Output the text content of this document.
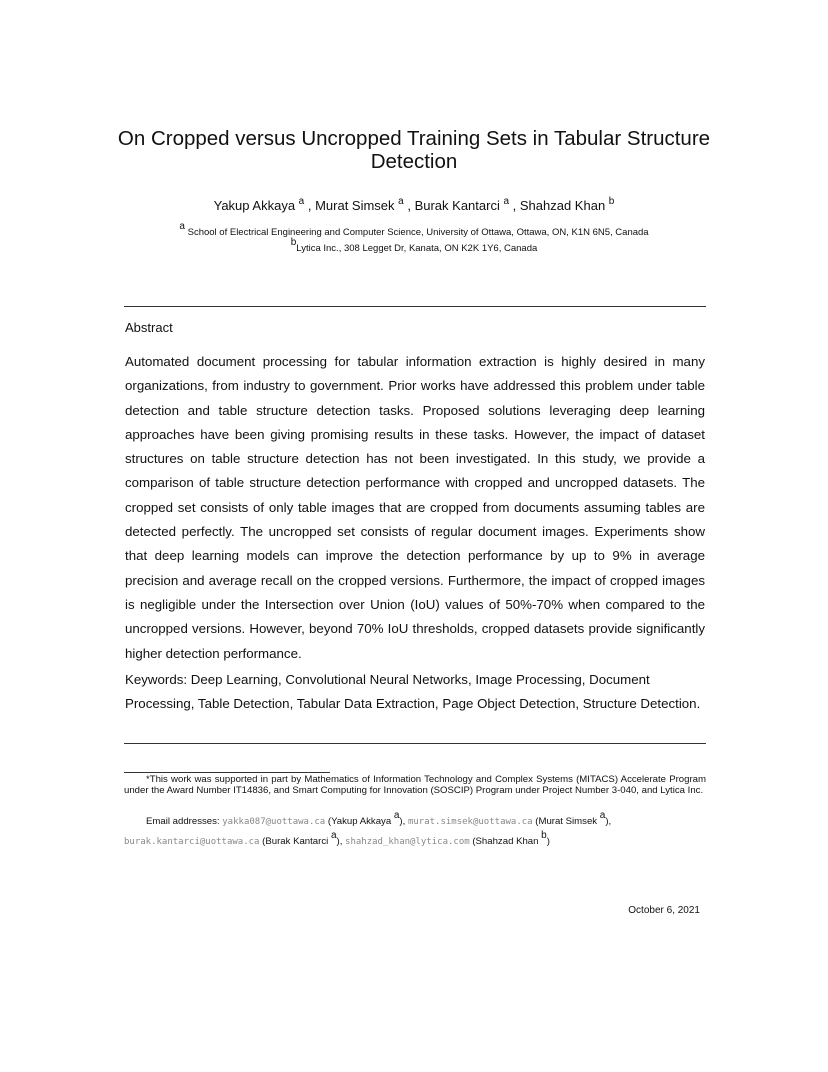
On Cropped versus Uncropped Training Sets in Tabular Structure Detection
Yakup Akkaya $^a$ , Murat Simsek $^a$ , Burak Kantarci $^a$ , Shahzad Khan $^b$
$^a$ School of Electrical Engineering and Computer Science, University of Ottawa, Ottawa, ON, K1N 6N5, Canada
$^b$Lytica Inc., 308 Legget Dr, Kanata, ON K2K 1Y6, Canada
Abstract
Automated document processing for tabular information extraction is highly desired in many organizations, from industry to government. Prior works have addressed this problem under table detection and table structure detection tasks. Proposed solutions leveraging deep learning approaches have been giving promising results in these tasks. However, the impact of dataset structures on table structure detection has not been investigated. In this study, we provide a comparison of table structure detection performance with cropped and uncropped datasets. The cropped set consists of only table images that are cropped from documents assuming tables are detected perfectly. The uncropped set consists of regular document images. Experiments show that deep learning models can improve the detection performance by up to 9% in average precision and average recall on the cropped versions. Furthermore, the impact of cropped images is negligible under the Intersection over Union (IoU) values of 50%-70% when compared to the uncropped versions. However, beyond 70% IoU thresholds, cropped datasets provide significantly higher detection performance.
Keywords: Deep Learning, Convolutional Neural Networks, Image Processing, Document Processing, Table Detection, Tabular Data Extraction, Page Object Detection, Structure Detection.
*This work was supported in part by Mathematics of Information Technology and Complex Systems (MITACS) Accelerate Program under the Award Number IT14836, and Smart Computing for Innovation (SOSCIP) Program under Project Number 3-040, and Lytica Inc.
Email addresses: yakka087@uottawa.ca (Yakup Akkaya $^a$), murat.simsek@uottawa.ca (Murat Simsek $^a$), burak.kantarci@uottawa.ca (Burak Kantarci $^a$), shahzad_khan@lytica.com (Shahzad Khan $^b$)
October 6, 2021
